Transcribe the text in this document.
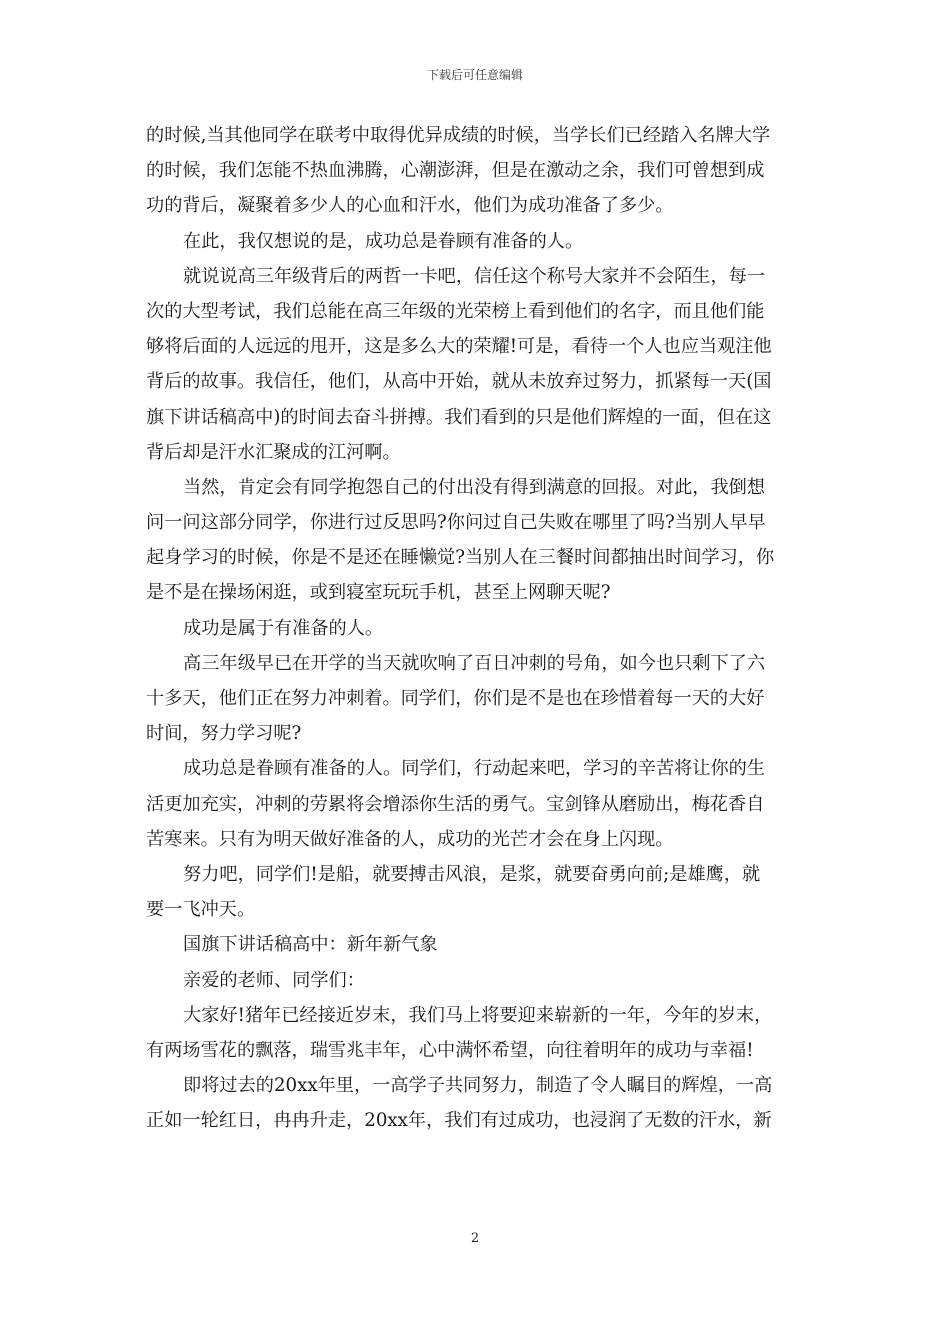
下载后可任意编辑
的时候,当其他同学在联考中取得优异成绩的时候，当学长们已经踏入名牌大学
的时候，我们怎能不热血沸腾，心潮澎湃，但是在激动之余，我们可曾想到成
功的背后，凝聚着多少人的心血和汗水，他们为成功准备了多少。
在此，我仅想说的是，成功总是眷顾有准备的人。
就说说高三年级背后的两哲一卡吧，信任这个称号大家并不会陌生，每一
次的大型考试，我们总能在高三年级的光荣榜上看到他们的名字，而且他们能
够将后面的人远远的甩开，这是多么大的荣耀!可是，看待一个人也应当观注他
背后的故事。我信任，他们，从高中开始，就从未放弃过努力，抓紧每一天(国
旗下讲话稿高中)的时间去奋斗拼搏。我们看到的只是他们辉煌的一面，但在这
背后却是汗水汇聚成的江河啊。
当然，肯定会有同学抱怨自己的付出没有得到满意的回报。对此，我倒想
问一问这部分同学，你进行过反思吗?你问过自己失败在哪里了吗?当别人早早
起身学习的时候，你是不是还在睡懒觉?当别人在三餐时间都抽出时间学习，你
是不是在操场闲逛，或到寝室玩玩手机，甚至上网聊天呢?
成功是属于有准备的人。
高三年级早已在开学的当天就吹响了百日冲刺的号角，如今也只剩下了六
十多天，他们正在努力冲刺着。同学们，你们是不是也在珍惜着每一天的大好
时间，努力学习呢?
成功总是眷顾有准备的人。同学们，行动起来吧，学习的辛苦将让你的生
活更加充实，冲刺的劳累将会增添你生活的勇气。宝剑锋从磨励出，梅花香自
苦寒来。只有为明天做好准备的人，成功的光芒才会在身上闪现。
努力吧，同学们!是船，就要搏击风浪，是浆，就要奋勇向前;是雄鹰，就
要一飞冲天。
国旗下讲话稿高中：新年新气象
亲爱的老师、同学们：
大家好!猪年已经接近岁末，我们马上将要迎来崭新的一年，今年的岁末，
有两场雪花的飘落，瑞雪兆丰年，心中满怀希望，向往着明年的成功与幸福!
即将过去的20xx年里，一高学子共同努力，制造了令人瞩目的辉煌，一高
正如一轮红日，冉冉升走，20xx年，我们有过成功，也浸润了无数的汗水，新
2
